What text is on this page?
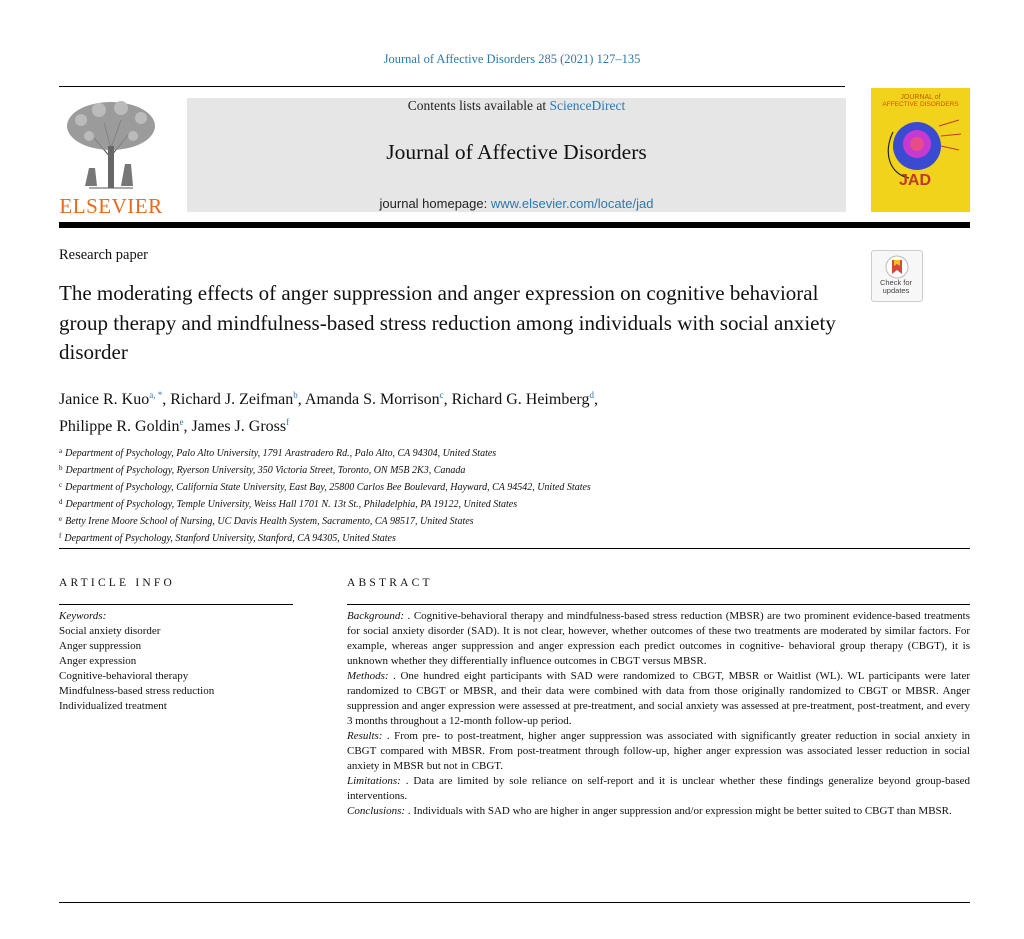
Journal of Affective Disorders 285 (2021) 127–135
ELSEVIER
Contents lists available at ScienceDirect
Journal of Affective Disorders
journal homepage: www.elsevier.com/locate/jad
JOURNAL of
AFFECTIVE DISORDERS
JAD
Research paper
Check for
updates
The moderating effects of anger suppression and anger expression on cognitive behavioral group therapy and mindfulness-based stress reduction among individuals with social anxiety disorder
Janice R. Kuo$^{a, *}$, Richard J. Zeifman$^b$, Amanda S. Morrison$^c$, Richard G. Heimberg$^d$,
Philippe R. Goldin$^e$, James J. Gross$^f$
$^a$ Department of Psychology, Palo Alto University, 1791 Arastradero Rd., Palo Alto, CA 94304, United States
$^b$ Department of Psychology, Ryerson University, 350 Victoria Street, Toronto, ON M5B 2K3, Canada
$^c$ Department of Psychology, California State University, East Bay, 25800 Carlos Bee Boulevard, Hayward, CA 94542, United States
$^d$ Department of Psychology, Temple University, Weiss Hall 1701 N. 13t St., Philadelphia, PA 19122, United States
$^e$ Betty Irene Moore School of Nursing, UC Davis Health System, Sacramento, CA 98517, United States
$^f$ Department of Psychology, Stanford University, Stanford, CA 94305, United States
ARTICLE INFO
Keywords:
Social anxiety disorder
Anger suppression
Anger expression
Cognitive-behavioral therapy
Mindfulness-based stress reduction
Individualized treatment
ABSTRACT

Background: . Cognitive-behavioral therapy and mindfulness-based stress reduction (MBSR) are two prominent evidence-based treatments for social anxiety disorder (SAD). It is not clear, however, whether outcomes of these two treatments are moderated by similar factors. For example, whereas anger suppression and anger expression each predict outcomes in cognitive- behavioral group therapy (CBGT), it is unknown whether they differentially influence outcomes in CBGT versus MBSR.

Methods: . One hundred eight participants with SAD were randomized to CBGT, MBSR or Waitlist (WL). WL participants were later randomized to CBGT or MBSR, and their data were combined with data from those originally randomized to CBGT or MBSR. Anger suppression and anger expression were assessed at pre-treatment, and social anxiety was assessed at pre-treatment, post-treatment, and every 3 months throughout a 12-month follow-up period.

Results: . From pre- to post-treatment, higher anger suppression was associated with significantly greater reduction in social anxiety in CBGT compared with MBSR. From post-treatment through follow-up, higher anger expression was associated lesser reduction in social anxiety in MBSR but not in CBGT.

Limitations: . Data are limited by sole reliance on self-report and it is unclear whether these findings generalize beyond group-based interventions.

Conclusions: . Individuals with SAD who are higher in anger suppression and/or expression might be better suited to CBGT than MBSR.
